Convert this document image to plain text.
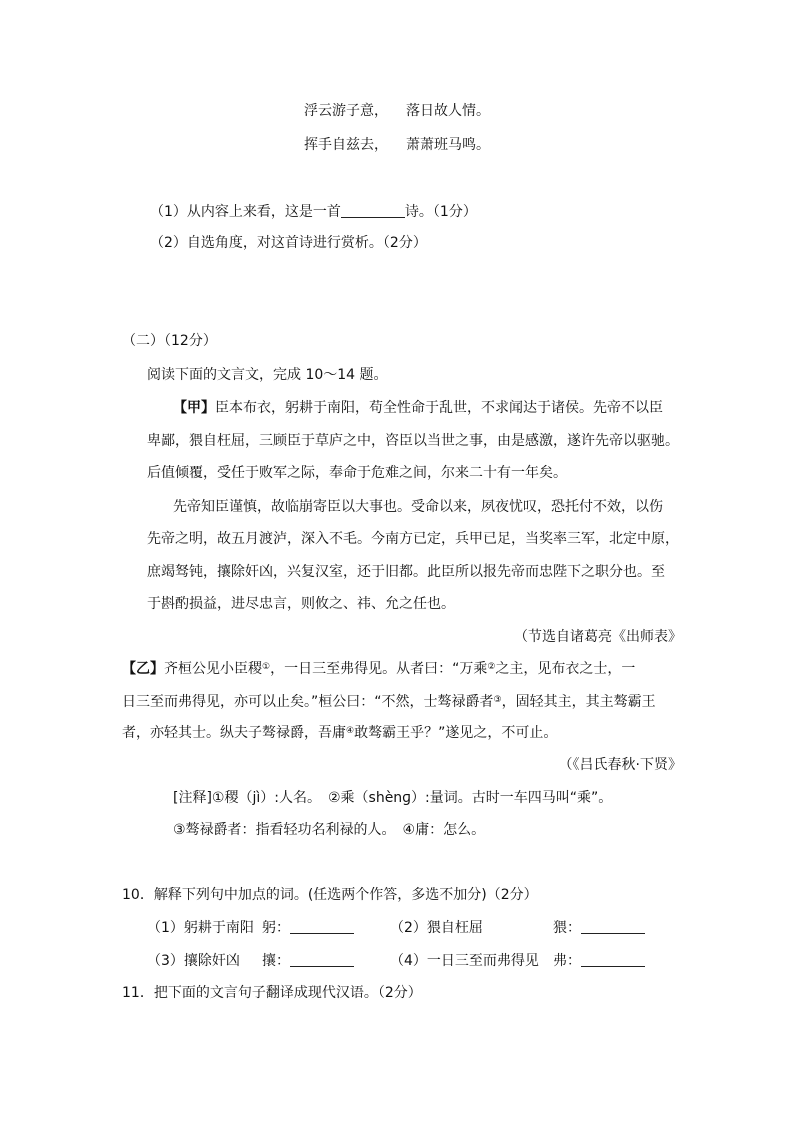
浮云游子意， 落日故人情。
挥手自兹去， 萧萧班马鸣。
（1）从内容上来看，这是一首	诗。（1分）
（2）自选角度，对这首诗进行赏析。（2分）
（二）（12分）
阅读下面的文言文，完成 10～14 题。
【甲】臣本布衣，躬耕于南阳，苟全性命于乱世，不求闻达于诸侯。先帝不以臣
卑鄙，猥自枉屈，三顾臣于草庐之中，咨臣以当世之事，由是感激，遂许先帝以驱驰。
后值倾覆，受任于败军之际，奉命于危难之间，尔来二十有一年矣。
先帝知臣谨慎，故临崩寄臣以大事也。受命以来，夙夜忧叹，恐托付不效，以伤
先帝之明，故五月渡泸，深入不毛。今南方已定，兵甲已足，当奖率三军，北定中原，
庶竭驽钝，攘除奸凶，兴复汉室，还于旧都。此臣所以报先帝而忠陛下之职分也。至
于斟酌损益，进尽忠言，则攸之、祎、允之任也。
（节选自诸葛亮《出师表》
【乙】齐桓公见小臣稷①，一日三至弗得见。从者曰：“万乘②之主，见布衣之士，一
日三至而弗得见，亦可以止矣。”桓公曰：“不然，士骜禄爵者③，固轻其主，其主骜霸王
者，亦轻其士。纵夫子骜禄爵，吾庸④敢骜霸王乎？”遂见之，不可止。
（《吕氏春秋·下贤》
[注释]①稷（jì）:人名。　②乘（shènɡ）:量词。古时一车四马叫“乘”。
③骜禄爵者：指看轻功名利禄的人。　④庸：怎么。
10．解释下列句中加点的词。(任选两个作答，多选不加分)（2分）
（1）躬耕于南阳 躬：	（2）猥自枉屈	猥：
（3）攘除奸凶 攘：	（4）一日三至而弗得见 弗：
11．把下面的文言句子翻译成现代汉语。（2分）
